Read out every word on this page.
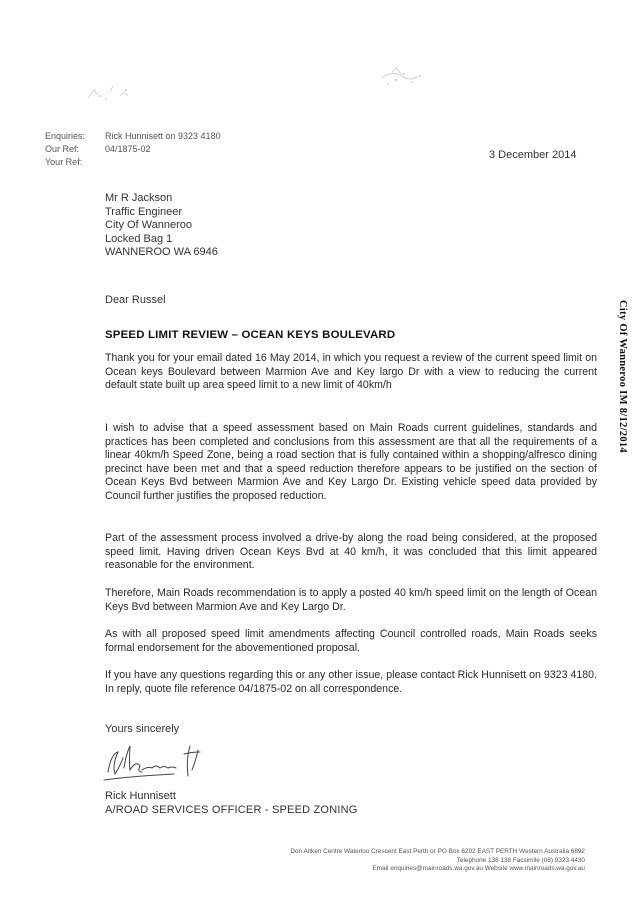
Enquiries:	Rick Hunnisett on 9323 4180
Our Ref:	04/1875-02
Your Ref:
3 December 2014
Mr R Jackson
Traffic Engineer
City Of Wanneroo
Locked Bag 1
WANNEROO WA 6946
Dear Russel
SPEED LIMIT REVIEW – OCEAN KEYS BOULEVARD

Thank you for your email dated 16 May 2014, in which you request a review of the current speed limit on Ocean keys Boulevard between Marmion Ave and Key largo Dr with a view to reducing the current default state built up area speed limit to a new limit of 40km/h

I wish to advise that a speed assessment based on Main Roads current guidelines, standards and practices has been completed and conclusions from this assessment are that all the requirements of a linear 40km/h Speed Zone, being a road section that is fully contained within a shopping/alfresco dining precinct have been met and that a speed reduction therefore appears to be justified on the section of Ocean Keys Bvd between Marmion Ave and Key Largo Dr. Existing vehicle speed data provided by Council further justifies the proposed reduction.

Part of the assessment process involved a drive-by along the road being considered, at the proposed speed limit. Having driven Ocean Keys Bvd at 40 km/h, it was concluded that this limit appeared reasonable for the environment.

Therefore, Main Roads recommendation is to apply a posted 40 km/h speed limit on the length of Ocean Keys Bvd between Marmion Ave and Key Largo Dr.

As with all proposed speed limit amendments affecting Council controlled roads, Main Roads seeks formal endorsement for the abovementioned proposal.

If you have any questions regarding this or any other issue, please contact Rick Hunnisett on 9323 4180. In reply, quote file reference 04/1875-02 on all correspondence.

Yours sincerely
Rick Hunnisett
A/ROAD SERVICES OFFICER - SPEED ZONING
City Of Wanneroo IM 8/12/2014
Don Aitken Centre Waterloo Crescent East Perth or PO Box 6202 EAST PERTH Western Australia 6892
Telephone 138 138 Facsimile (08) 9323 4430
Email enquiries@mainroads.wa.gov.au Website www.mainroads.wa.gov.au
